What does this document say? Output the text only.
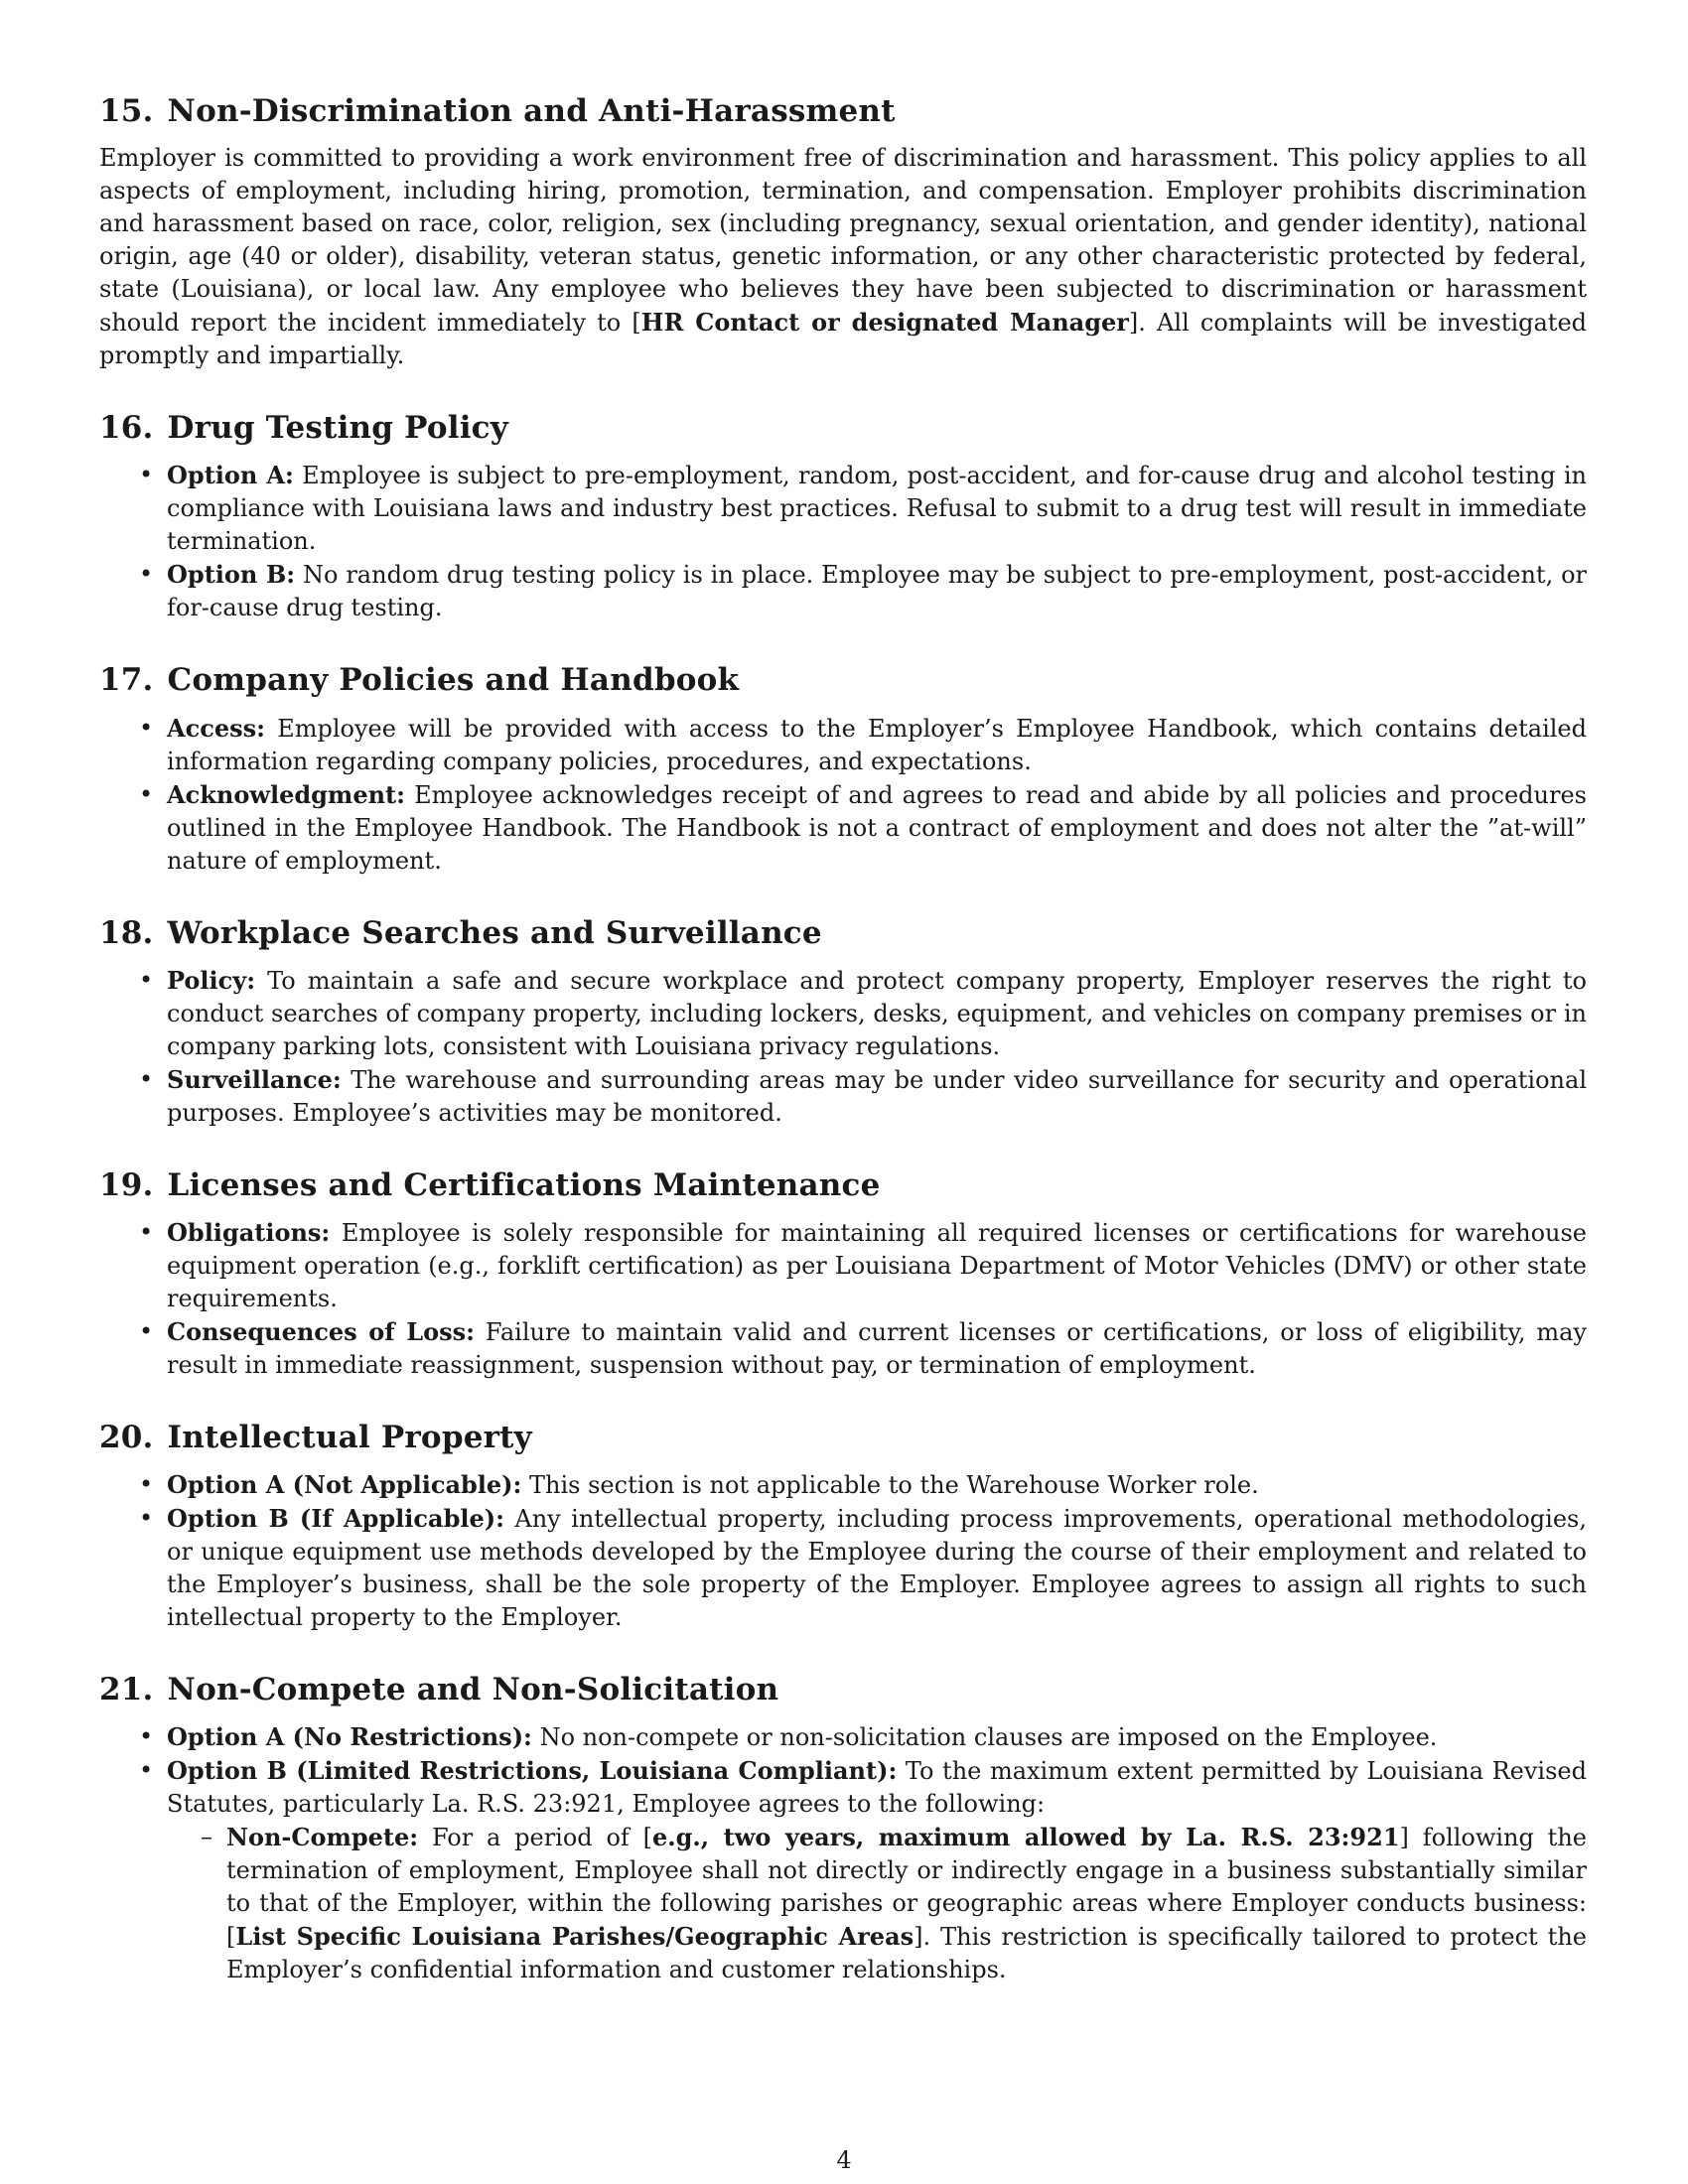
15. Non-Discrimination and Anti-Harassment

Employer is committed to providing a work environment free of discrimination and harassment. This policy applies to all aspects of employment, including hiring, promotion, termination, and compensation. Employer prohibits discrimination and harassment based on race, color, religion, sex (including pregnancy, sexual orientation, and gender identity), national origin, age (40 or older), disability, veteran status, genetic information, or any other characteristic protected by federal, state (Louisiana), or local law. Any employee who believes they have been subjected to discrimination or harassment should report the incident immediately to [HR Contact or designated Manager]. All complaints will be investigated promptly and impartially.

16. Drug Testing Policy
• Option A: Employee is subject to pre-employment, random, post-accident, and for-cause drug and alcohol testing in compliance with Louisiana laws and industry best practices. Refusal to submit to a drug test will result in immediate termination.
• Option B: No random drug testing policy is in place. Employee may be subject to pre-employment, post-accident, or for-cause drug testing.
17. Company Policies and Handbook
• Access: Employee will be provided with access to the Employer’s Employee Handbook, which contains detailed information regarding company policies, procedures, and expectations.
• Acknowledgment: Employee acknowledges receipt of and agrees to read and abide by all policies and procedures outlined in the Employee Handbook. The Handbook is not a contract of employment and does not alter the ”at-will” nature of employment.
18. Workplace Searches and Surveillance
• Policy: To maintain a safe and secure workplace and protect company property, Employer reserves the right to conduct searches of company property, including lockers, desks, equipment, and vehicles on company premises or in company parking lots, consistent with Louisiana privacy regulations.
• Surveillance: The warehouse and surrounding areas may be under video surveillance for security and operational purposes. Employee’s activities may be monitored.
19. Licenses and Certifications Maintenance
• Obligations: Employee is solely responsible for maintaining all required licenses or certifications for warehouse equipment operation (e.g., forklift certification) as per Louisiana Department of Motor Vehicles (DMV) or other state requirements.
• Consequences of Loss: Failure to maintain valid and current licenses or certifications, or loss of eligibility, may result in immediate reassignment, suspension without pay, or termination of employment.
20. Intellectual Property
• Option A (Not Applicable): This section is not applicable to the Warehouse Worker role.
• Option B (If Applicable): Any intellectual property, including process improvements, operational methodologies, or unique equipment use methods developed by the Employee during the course of their employment and related to the Employer’s business, shall be the sole property of the Employer. Employee agrees to assign all rights to such intellectual property to the Employer.
21. Non-Compete and Non-Solicitation
• Option A (No Restrictions): No non-compete or non-solicitation clauses are imposed on the Employee.
• Option B (Limited Restrictions, Louisiana Compliant): To the maximum extent permitted by Louisiana Revised Statutes, particularly La. R.S. 23:921, Employee agrees to the following:
– Non-Compete: For a period of [e.g., two years, maximum allowed by La. R.S. 23:921] following the termination of employment, Employee shall not directly or indirectly engage in a business substantially similar to that of the Employer, within the following parishes or geographic areas where Employer conducts business: [List Specific Louisiana Parishes/Geographic Areas]. This restriction is specifically tailored to protect the Employer’s confidential information and customer relationships.
4
